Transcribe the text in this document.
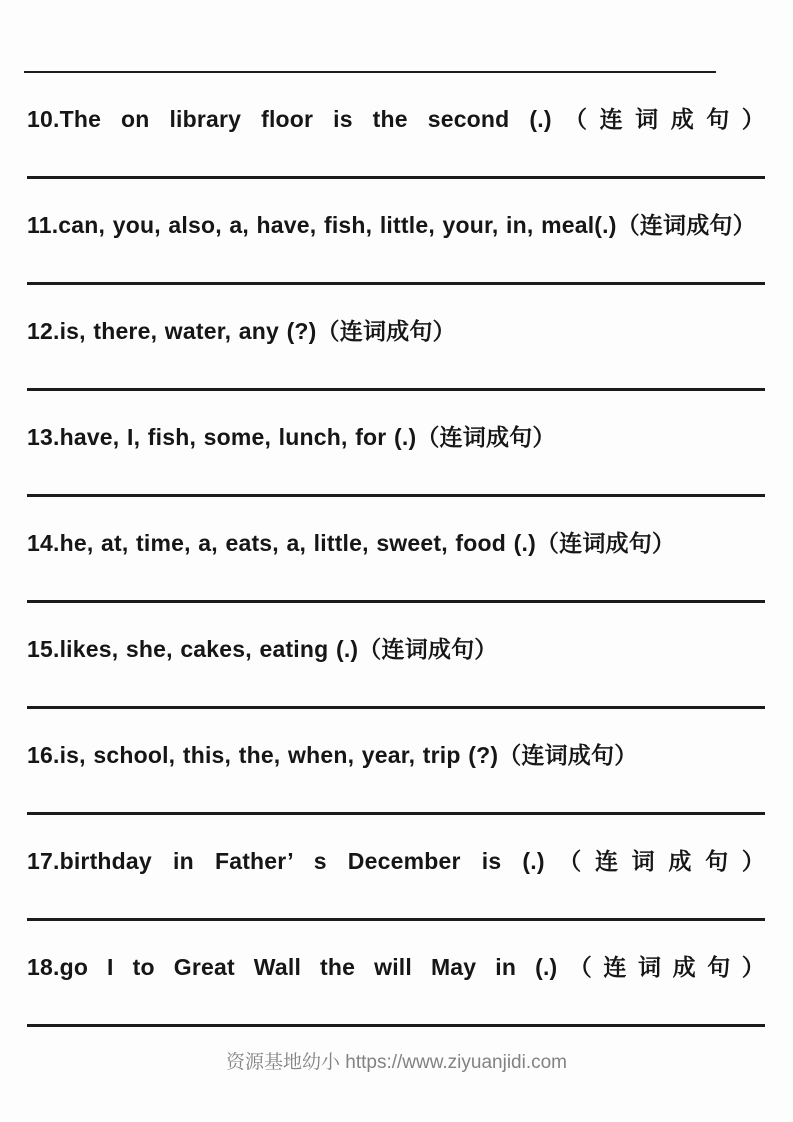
10.The on library floor is the second (.)（连词成句）

11.can, you, also, a, have, fish, little, your, in, meal(.)（连词成句）

12.is, there, water, any (?)（连词成句）

13.have, I, fish, some, lunch, for (.)（连词成句）

14.he, at, time, a, eats, a, little, sweet, food (.)（连词成句）

15.likes, she, cakes, eating (.)（连词成句）

16.is, school, this, the, when, year, trip (?)（连词成句）

17.birthday in Father’ s December is (.)（连词成句）

18.go I to Great Wall the will May in (.)（连词成句）

资源基地幼小 https://www.ziyuanjidi.com
